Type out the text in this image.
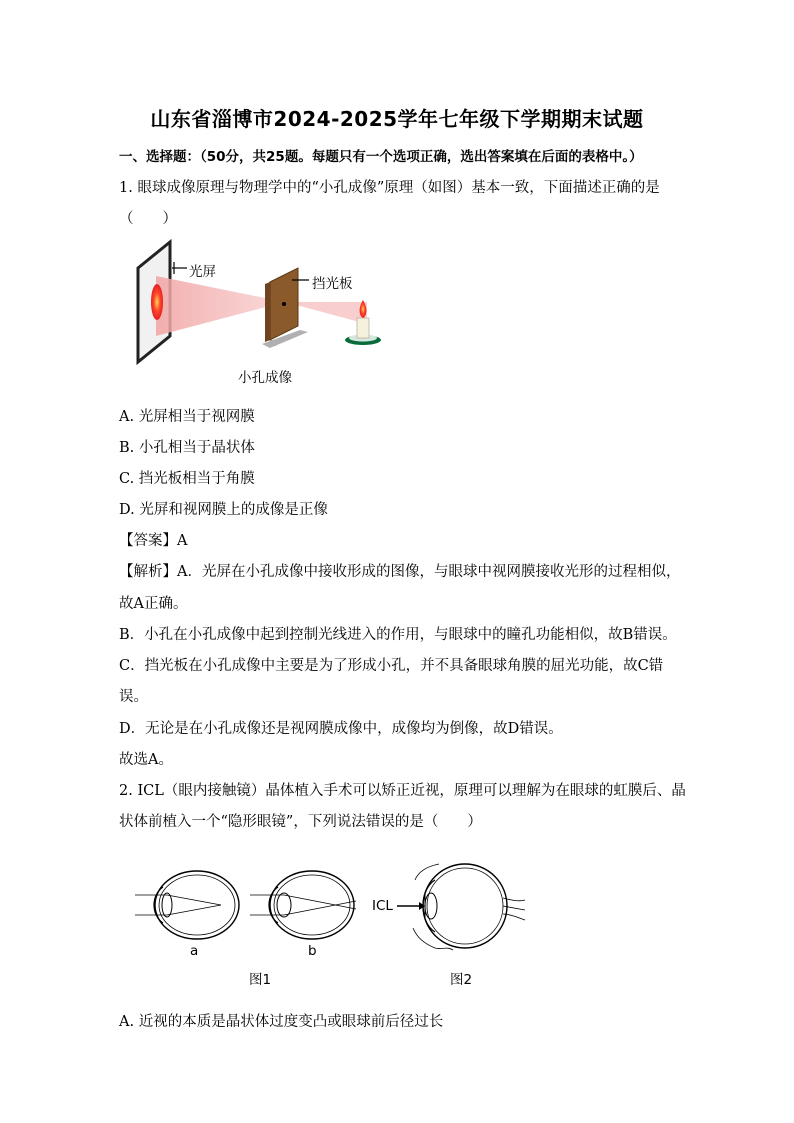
山东省淄博市2024-2025学年七年级下学期期末试题
一、选择题：（50分，共25题。每题只有一个选项正确，选出答案填在后面的表格中。）
1. 眼球成像原理与物理学中的“小孔成像”原理（如图）基本一致，下面描述正确的是
（　　）
光屏
挡光板
小孔成像
A. 光屏相当于视网膜
B. 小孔相当于晶状体
C. 挡光板相当于角膜
D. 光屏和视网膜上的成像是正像
【答案】A
【解析】A．光屏在小孔成像中接收形成的图像，与眼球中视网膜接收光形的过程相似，
故A正确。
B．小孔在小孔成像中起到控制光线进入的作用，与眼球中的瞳孔功能相似，故B错误。
C．挡光板在小孔成像中主要是为了形成小孔，并不具备眼球角膜的屈光功能，故C错
误。
D．无论是在小孔成像还是视网膜成像中，成像均为倒像，故D错误。
故选A。
2. ICL（眼内接触镜）晶体植入手术可以矫正近视，原理可以理解为在眼球的虹膜后、晶
状体前植入一个“隐形眼镜”，下列说法错误的是（　　）
a	b
ICL
图1	图2
A. 近视的本质是晶状体过度变凸或眼球前后径过长
